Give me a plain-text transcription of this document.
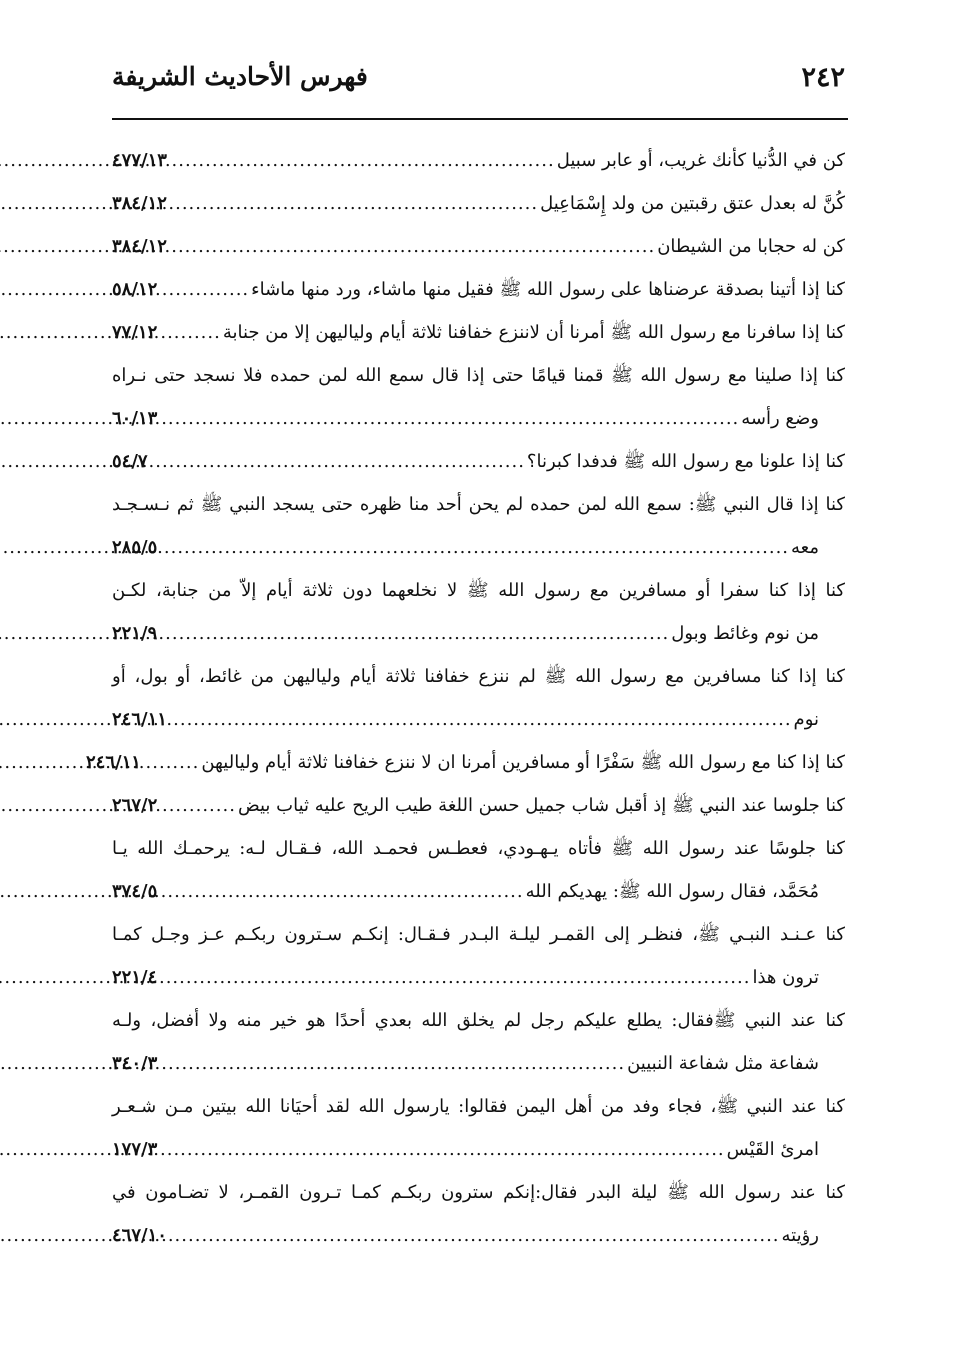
٢٤٢
فهرس الأحاديث الشريفة
كن في الدُّنيا كأنك غريب، أو عابر سبيل
.....
٤٧٧/١٣
كُنَّ له بعدل عتق رقبتين من ولد إِسْمَاعِيل
.....
٣٨٤/١٢
كن له حجابا من الشيطان
.....
٣٨٤/١٢
كنا إذا أتينا بصدقة عرضناها على رسول الله ﷺ فقيل منها ماشاء، ورد منها ماشاء
.....
٥٨/١٢
كنا إذا سافرنا مع رسول الله ﷺ أمرنا أن لاننزع خفافنا ثلاثة أيام ولياليهن إلا من جنابة
.....
٧٧/١٢
كنا إذا صلينا مع رسول الله ﷺ قمنا قيامًا حتى إذا قال سمع الله لمن حمده فلا نسجد حتى نـراه
وضع رأسه
.....
٦٠/١٣
كنا إذا علونا مع رسول الله ﷺ فدفدا كبرنا؟
.....
٥٤/٧
كنا إذا قال النبي ﷺ: سمع الله لمن حمده لم يحن أحد منا ظهره حتى يسجد النبي ﷺ ثم نـسـجـد
معه
.....
٢٨٥/٥
كنا إذا كنا سفرا أو مسافرين مع رسول الله ﷺ لا نخلعهما دون ثلاثة أيام إلاّ من جنابة، لكـن
من نوم وغائط وبول
.....
٢٢١/٩
كنا إذا كنا مسافرين مع رسول الله ﷺ لم ننزع خفافنا ثلاثة أيام ولياليهن من غائط، أو بول، أو
نوم
.....
٢٤٦/١١
كنا إذا كنا مع رسول الله ﷺ سَفْرًا أو مسافرين أمرنا ان لا ننزع خفافنا ثلاثة أيام ولياليهن
.....
٢٤٦/١١
كنا جلوسا عند النبي ﷺ إذ أقبل شاب جميل حسن اللغة طيب الريح عليه ثياب بيض
.....
٢٦٧/٢
كنا جلوسًا عند رسول الله ﷺ فأتاه يـهـودي، فعطـس فحمـد الله، فـقـال لـه: يرحمـك الله يـا
مُحَمَّد، فقال رسول الله ﷺ: يهديكم الله
.....
٣٧٤/٥
كنا عـنـد النبـي ﷺ، فنظـر إلى القمـر ليلـة البـدر فـقـال: إنكـم سـترون ربكـم عـز وجـل كمـا
ترون هذا
.....
٢٢١/٤
كنا عند النبي ﷺفقال: يطلع عليكم رجل لم يخلق الله بعدي أحدًا هو خير منه ولا أفضل، ولـه
شفاعة مثل شفاعة النبيين
.....
٣٤٠/٣
كنا عند النبي ﷺ، فجاء وفد من أهل اليمن فقالوا: يارسول الله لقد أحيَانا الله بيتين مـن شـعـر
امرئ القَيْس
.....
١٧٧/٣
كنا عند رسول الله ﷺ ليلة البدر فقال:إنكم سترون ربكـم كمـا تـرون القمـر، لا تضـامون في
رؤيته
.....
٤٦٧/١٠
